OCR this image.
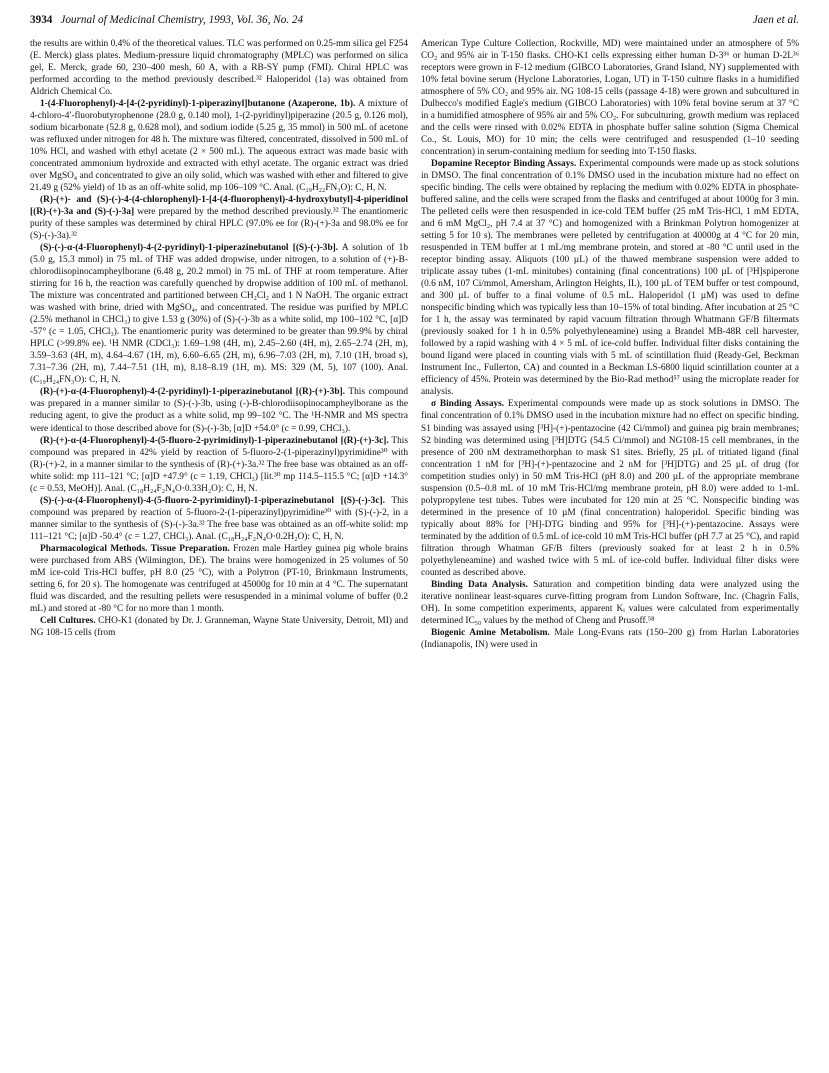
3934 Journal of Medicinal Chemistry, 1993, Vol. 36, No. 24	Jaen et al.

the results are within 0.4% of the theoretical values. TLC was performed on 0.25-mm silica gel F254 (E. Merck) glass plates. Medium-pressure liquid chromatography (MPLC) was performed on silica gel, E. Merck, grade 60, 230–400 mesh, 60 A, with a RB-SY pump (FMI). Chiral HPLC was performed according to the method previously described.³² Haloperidol (1a) was obtained from Aldrich Chemical Co.

1-(4-Fluorophenyl)-4-[4-(2-pyridinyl)-1-piperazinyl]butanone (Azaperone, 1b). A mixture of 4-chloro-4′-fluorobutyrophenone (28.0 g, 0.140 mol), 1-(2-pyridinyl)piperazine (20.5 g, 0.126 mol), sodium bicarbonate (52.8 g, 0.628 mol), and sodium iodide (5.25 g, 35 mmol) in 500 mL of acetone was refluxed under nitrogen for 48 h. The mixture was filtered, concentrated, dissolved in 500 mL of 10% HCl, and washed with ethyl acetate (2 × 500 mL). The aqueous extract was made basic with concentrated ammonium hydroxide and extracted with ethyl acetate. The organic extract was dried over MgSO₄ and concentrated to give an oily solid, which was washed with ether and filtered to give 21.49 g (52% yield) of 1b as an off-white solid, mp 106–109 °C. Anal. (C₁₉H₂₂FN₃O): C, H, N.

(R)-(+)- and (S)-(-)-4-(4-chlorophenyl)-1-[4-(4-fluorophenyl)-4-hydroxybutyl]-4-piperidinol [(R)-(+)-3a and (S)-(-)-3a] were prepared by the method described previously.³² The enantiomeric purity of these samples was determined by chiral HPLC (97.0% ee for (R)-(+)-3a and 98.0% ee for (S)-(-)-3a).³²

(S)-(-)-α-(4-Fluorophenyl)-4-(2-pyridinyl)-1-piperazinebutanol [(S)-(-)-3b]. A solution of 1b (5.0 g, 15.3 mmol) in 75 mL of THF was added dropwise, under nitrogen, to a solution of (+)-B-chlorodiisopinocampheylborane (6.48 g, 20.2 mmol) in 75 mL of THF at room temperature. After stirring for 16 h, the reaction was carefully quenched by dropwise addition of 100 mL of methanol. The mixture was concentrated and partitioned between CH₂Cl₂ and 1 N NaOH. The organic extract was washed with brine, dried with MgSO₄, and concentrated. The residue was purified by MPLC (2.5% methanol in CHCl₃) to give 1.53 g (30%) of (S)-(-)-3b as a white solid, mp 100–102 °C, [α]D -57° (c = 1.05, CHCl₃). The enantiomeric purity was determined to be greater than 99.9% by chiral HPLC (>99.8% ee). ¹H NMR (CDCl₃): 1.69–1.98 (4H, m), 2.45–2.60 (4H, m), 2.65–2.74 (2H, m), 3.59–3.63 (4H, m), 4.64–4.67 (1H, m), 6.60–6.65 (2H, m), 6.96–7.03 (2H, m), 7.10 (1H, broad s), 7.31–7.36 (2H, m), 7.44–7.51 (1H, m), 8.18–8.19 (1H, m). MS: 329 (M, 5), 107 (100). Anal. (C₁₉H₂₄FN₃O): C, H, N.

(R)-(+)-α-(4-Fluorophenyl)-4-(2-pyridinyl)-1-piperazinebutanol [(R)-(+)-3b]. This compound was prepared in a manner similar to (S)-(-)-3b, using (-)-B-chlorodiisopinocampheylborane as the reducing agent, to give the product as a white solid, mp 99–102 °C. The ¹H-NMR and MS spectra were identical to those described above for (S)-(-)-3b, [α]D +54.0° (c = 0.99, CHCl₃).

(R)-(+)-α-(4-Fluorophenyl)-4-(5-fluoro-2-pyrimidinyl)-1-piperazinebutanol [(R)-(+)-3c]. This compound was prepared in 42% yield by reaction of 5-fluoro-2-(1-piperazinyl)pyrimidine³⁰ with (R)-(+)-2, in a manner similar to the synthesis of (R)-(+)-3a.³² The free base was obtained as an off-white solid: mp 111–121 °C; [α]D +47.9° (c = 1.19, CHCl₃) [lit.³⁰ mp 114.5–115.5 °C; [α]D +14.3° (c = 0.53, MeOH)]. Anal. (C₁₈H₂₄F₂N₄O·0.33H₂O): C, H, N.

(S)-(-)-α-(4-Fluorophenyl)-4-(5-fluoro-2-pyrimidinyl)-1-piperazinebutanol [(S)-(-)-3c]. This compound was prepared by reaction of 5-fluoro-2-(1-piperazinyl)pyrimidine³⁰ with (S)-(-)-2, in a manner similar to the synthesis of (S)-(-)-3a.³² The free base was obtained as an off-white solid: mp 111–121 °C; [α]D -50.4° (c = 1.27, CHCl₃). Anal. (C₁₈H₂₄F₂N₄O·0.2H₂O): C, H, N.

Pharmacological Methods. Tissue Preparation. Frozen male Hartley guinea pig whole brains were purchased from ABS (Wilmington, DE). The brains were homogenized in 25 volumes of 50 mM ice-cold Tris-HCl buffer, pH 8.0 (25 °C), with a Polytron (PT-10, Brinkmann Instruments, setting 6, for 20 s). The homogenate was centrifuged at 45000g for 10 min at 4 °C. The supernatant fluid was discarded, and the resulting pellets were resuspended in a minimal volume of buffer (0.2 mL) and stored at -80 °C for no more than 1 month.

Cell Cultures. CHO-K1 (donated by Dr. J. Granneman, Wayne State University, Detroit, MI) and NG 108-15 cells (from

American Type Culture Collection, Rockville, MD) were maintained under an atmosphere of 5% CO₂ and 95% air in T-150 flasks. CHO-K1 cells expressing either human D-3³⁶ or human D-2L³⁶ receptors were grown in F-12 medium (GIBCO Laboratories, Grand Island, NY) supplemented with 10% fetal bovine serum (Hyclone Laboratories, Logan, UT) in T-150 culture flasks in a humidified atmosphere of 5% CO₂ and 95% air. NG 108-15 cells (passage 4-18) were grown and subcultured in Dulbecco's modified Eagle's medium (GIBCO Laboratories) with 10% fetal bovine serum at 37 °C in a humidified atmosphere of 95% air and 5% CO₂. For subculturing, growth medium was replaced and the cells were rinsed with 0.02% EDTA in phosphate buffer saline solution (Sigma Chemical Co., St. Louis, MO) for 10 min; the cells were centrifuged and resuspended (1–10 seeding concentration) in serum-containing medium for seeding into T-150 flasks.

Dopamine Receptor Binding Assays. Experimental compounds were made up as stock solutions in DMSO. The final concentration of 0.1% DMSO used in the incubation mixture had no effect on specific binding. The cells were obtained by replacing the medium with 0.02% EDTA in phosphate-buffered saline, and the cells were scraped from the flasks and centrifuged at about 1000g for 3 min. The pelleted cells were then resuspended in ice-cold TEM buffer (25 mM Tris-HCl, 1 mM EDTA, and 6 mM MgCl₂, pH 7.4 at 37 °C) and homogenized with a Brinkman Polytron homogenizer at setting 5 for 10 s). The membranes were pelleted by centrifugation at 40000g at 4 °C for 20 min, resuspended in TEM buffer at 1 mL/mg membrane protein, and stored at -80 °C until used in the receptor binding assay. Aliquots (100 µL) of the thawed membrane suspension were added to triplicate assay tubes (1-mL minitubes) containing (final concentrations) 100 µL of [³H]spiperone (0.6 nM, 107 Ci/mmol, Amersham, Arlington Heights, IL), 100 µL of TEM buffer or test compound, and 300 µL of buffer to a final volume of 0.5 mL. Haloperidol (1 µM) was used to define nonspecific binding which was typically less than 10–15% of total binding. After incubation at 25 °C for 1 h, the assay was terminated by rapid vacuum filtration through Whatmann GF/B filtermats (previously soaked for 1 h in 0.5% polyethyleneamine) using a Brandel MB-48R cell harvester, followed by a rapid washing with 4 × 5 mL of ice-cold buffer. Individual filter disks containing the bound ligand were placed in counting vials with 5 mL of scintillation fluid (Ready-Gel, Beckman Instrument Inc., Fullerton, CA) and counted in a Beckman LS-6800 liquid scintillation counter at a efficiency of 45%. Protein was determined by the Bio-Rad method⁵⁷ using the microplate reader for analysis.

σ Binding Assays. Experimental compounds were made up as stock solutions in DMSO. The final concentration of 0.1% DMSO used in the incubation mixture had no effect on specific binding. S1 binding was assayed using [³H]-(+)-pentazocine (42 Ci/mmol) and guinea pig brain membranes; S2 binding was determined using [³H]DTG (54.5 Ci/mmol) and NG108-15 cell membranes, in the presence of 200 nM dextramethorphan to mask S1 sites. Briefly, 25 µL of tritiated ligand (final concentration 1 nM for [³H]-(+)-pentazocine and 2 nM for [³H]DTG) and 25 µL of drug (for competition studies only) in 50 mM Tris-HCl (pH 8.0) and 200 µL of the appropriate membrane suspension (0.5–0.8 mL of 10 mM Tris-HCl/mg membrane protein, pH 8.0) were added to 1-mL polypropylene test tubes. Tubes were incubated for 120 min at 25 °C. Nonspecific binding was determined in the presence of 10 µM (final concentration) haloperidol. Specific binding was typically about 88% for [³H]-DTG binding and 95% for [³H]-(+)-pentazocine. Assays were terminated by the addition of 0.5 mL of ice-cold 10 mM Tris-HCl buffer (pH 7.7 at 25 °C), and rapid filtration through Whatman GF/B filters (previously soaked for at least 2 h in 0.5% polyethyleneamine) and washed twice with 5 mL of ice-cold buffer. Individual filter disks were counted as described above.

Binding Data Analysis. Saturation and competition binding data were analyzed using the iterative nonlinear least-squares curve-fitting program from Lundon Software, Inc. (Chagrin Falls, OH). In some competition experiments, apparent Kᵢ values were calculated from experimentally determined IC₅₀ values by the method of Cheng and Prusoff.⁵⁸

Biogenic Amine Metabolism. Male Long-Evans rats (150–200 g) from Harlan Laboratories (Indianapolis, IN) were used in
